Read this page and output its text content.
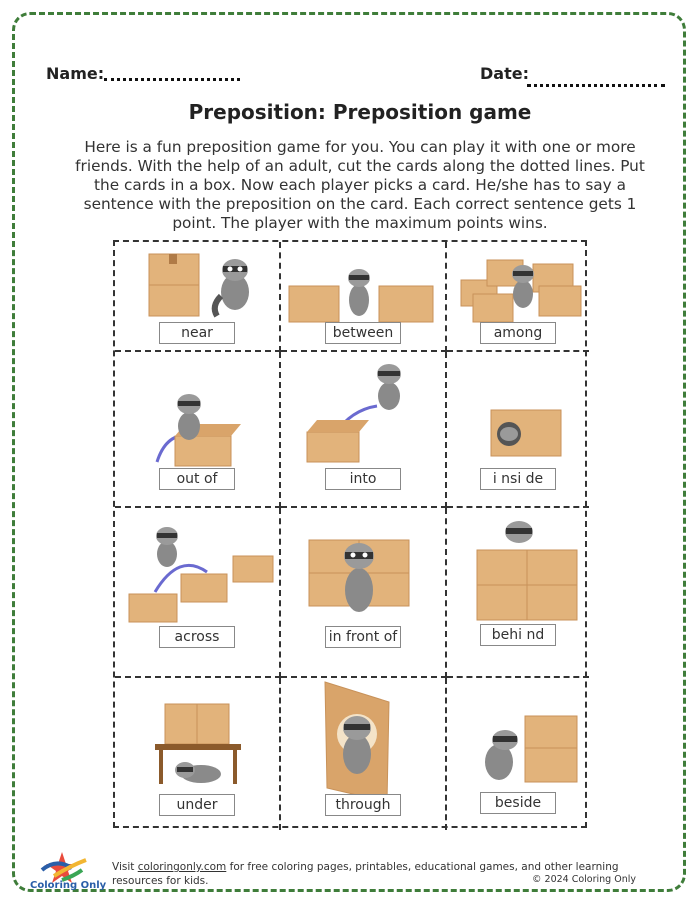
Name:	Date:
Preposition: Preposition game
Here is a fun preposition game for you. You can play it with one or more friends. With the help of an adult, cut the cards along the dotted lines. Put the cards in a box. Now each player picks a card. He/she has to say a sentence with the preposition on the card. Each correct sentence gets 1 point. The player with the maximum points wins.
near	between	among
out of	into	i nsi de
across	in front of	behi nd
under	through	beside
Coloring Only
Visit coloringonly.com for free coloring pages, printables, educational games, and other learning resources for kids.	© 2024 Coloring Only
